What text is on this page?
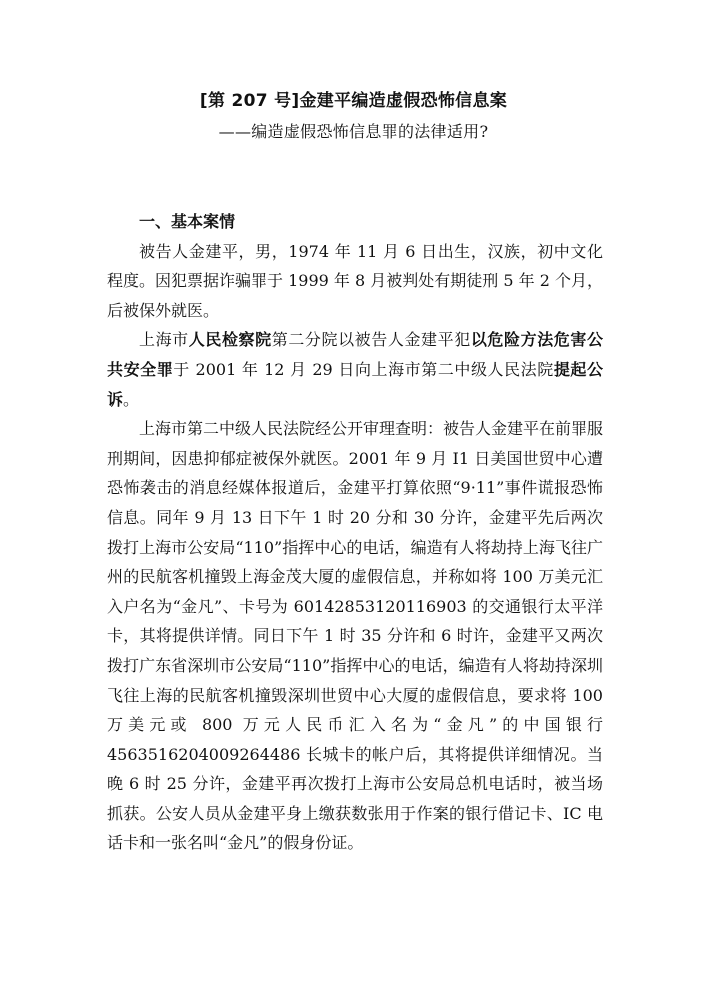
[第 207 号]金建平编造虚假恐怖信息案
——编造虚假恐怖信息罪的法律适用?

一、基本案情

被告人金建平，男，1974 年 11 月 6 日出生，汉族，初中文化程度。因犯票据诈骗罪于 1999 年 8 月被判处有期徒刑 5 年 2 个月，后被保外就医。

上海市人民检察院第二分院以被告人金建平犯以危险方法危害公共安全罪于 2001 年 12 月 29 日向上海市第二中级人民法院提起公诉。

上海市第二中级人民法院经公开审理查明：被告人金建平在前罪服刑期间，因患抑郁症被保外就医。2001 年 9 月 I1 日美国世贸中心遭恐怖袭击的消息经媒体报道后，金建平打算依照“9·11”事件谎报恐怖信息。同年 9 月 13 日下午 1 时 20 分和 30 分许，金建平先后两次拨打上海市公安局“110”指挥中心的电话，编造有人将劫持上海飞往广州的民航客机撞毁上海金茂大厦的虚假信息，并称如将 100 万美元汇入户名为“金凡”、卡号为 60142853120116903 的交通银行太平洋卡，其将提供详情。同日下午 1 时 35 分许和 6 时许，金建平又两次拨打广东省深圳市公安局“110”指挥中心的电话，编造有人将劫持深圳飞往上海的民航客机撞毁深圳世贸中心大厦的虚假信息，要求将 100 万美元或 800 万元人民币汇入名为“金凡”的中国银行 4563516204009264486 长城卡的帐户后，其将提供详细情况。当晚 6 时 25 分许，金建平再次拨打上海市公安局总机电话时，被当场抓获。公安人员从金建平身上缴获数张用于作案的银行借记卡、IC 电话卡和一张名叫“金凡”的假身份证。
